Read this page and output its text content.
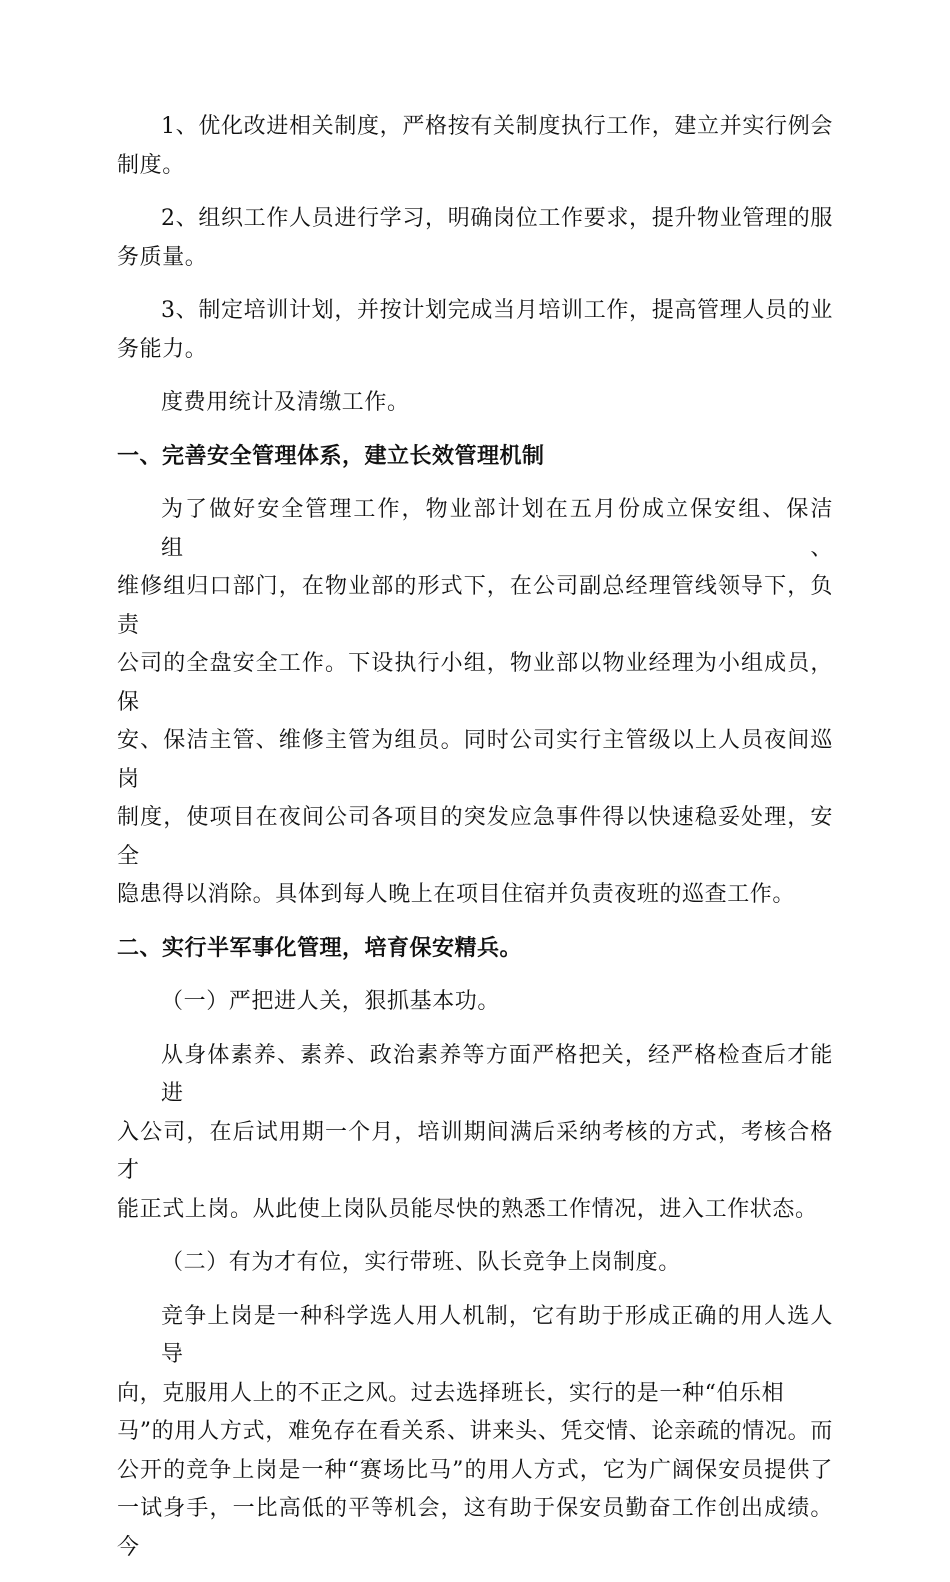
1、优化改进相关制度，严格按有关制度执行工作，建立并实行例会
制度。
2、组织工作人员进行学习，明确岗位工作要求，提升物业管理的服
务质量。
3、制定培训计划，并按计划完成当月培训工作，提高管理人员的业
务能力。
度费用统计及清缴工作。
一、完善安全管理体系，建立长效管理机制
为了做好安全管理工作，物业部计划在五月份成立保安组、保洁组、
维修组归口部门，在物业部的形式下，在公司副总经理管线领导下，负责
公司的全盘安全工作。下设执行小组，物业部以物业经理为小组成员，保
安、保洁主管、维修主管为组员。同时公司实行主管级以上人员夜间巡岗
制度，使项目在夜间公司各项目的突发应急事件得以快速稳妥处理，安全
隐患得以消除。具体到每人晚上在项目住宿并负责夜班的巡查工作。
二、实行半军事化管理，培育保安精兵。
（一）严把进人关，狠抓基本功。
从身体素养、素养、政治素养等方面严格把关，经严格检查后才能进
入公司，在后试用期一个月，培训期间满后采纳考核的方式，考核合格才
能正式上岗。从此使上岗队员能尽快的熟悉工作情况，进入工作状态。
（二）有为才有位，实行带班、队长竞争上岗制度。
竞争上岗是一种科学选人用人机制，它有助于形成正确的用人选人导
向，克服用人上的不正之风。过去选择班长，实行的是一种“伯乐相
马”的用人方式，难免存在看关系、讲来头、凭交情、论亲疏的情况。而
公开的竞争上岗是一种“赛场比马”的用人方式，它为广阔保安员提供了
一试身手，一比高低的平等机会，这有助于保安员勤奋工作创出成绩。今
